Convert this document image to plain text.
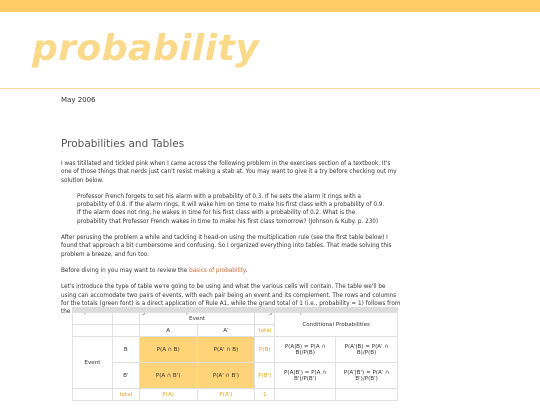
probability
May 2006
Probabilities and Tables

I was titillated and tickled pink when I came across the following problem in the exercises section of a textbook. It's one of those things that nerds just can't resist making a stab at. You may want to give it a try before checking out my solution below.

Professor French forgets to set his alarm with a probability of 0.3. If he sets the alarm it rings with a probability of 0.8. If the alarm rings, it will wake him on time to make his first class with a probability of 0.9. If the alarm does not ring, he wakes in time for his first class with a probability of 0.2. What is the probability that Professor French wakes in time to make his first class tomorrow? (Johnson & Kuby. p. 230)

After perusing the problem a while and tackling it head-on using the multiplication rule (see the first table below) I found that approach a bit cumbersome and confusing. So I organized everything into tables. That made solving this problem a breeze, and fun too.

Before diving in you may want to review the basics of probability.

Let's introduce the type of table we're going to be using and what the various cells will contain. The table we'll be using can accomodate two pairs of events, with each pair being an event and its complement. The rows and columns for the totals (green font) is a direct application of Rule A1, while the grand total of 1 (i.e., probability = 1) follows from the complement rule. The eight conditional probabilities are derived using the multiplication rule.

		Event			Conditional Probabilities	
		A	A'	total		
Event	B	P(A ∩ B)	P(A' ∩ B)	P(B)	P(A|B) = P(A ∩
B)/P(B)	P(A'|B) = P(A' ∩
B)/P(B)
	B'	P(A ∩ B')	P(A' ∩ B')	P(B')	P(A|B') = P(A ∩
B')/P(B')	P(A'|B') = P(A' ∩
B')/P(B')
	total	P(A)	P(A')	1		
